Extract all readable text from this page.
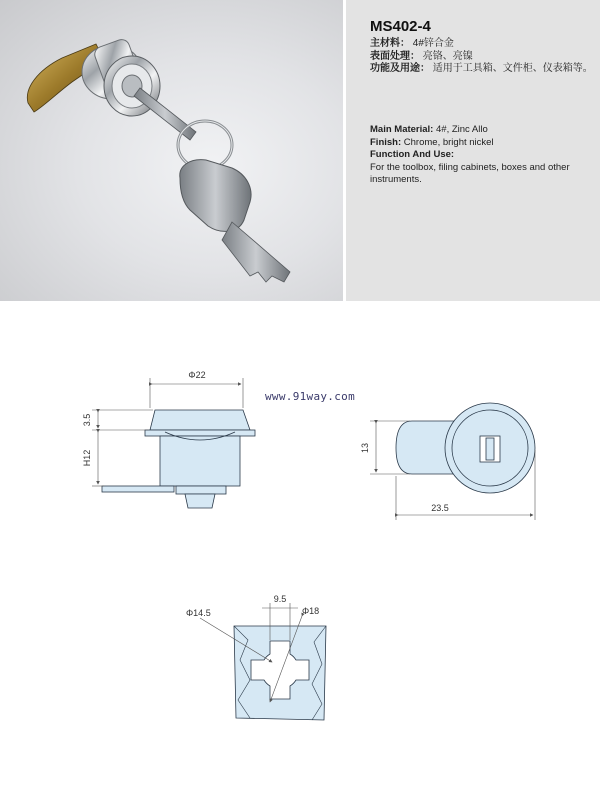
MS402-4
主材料： 4#锌合金
表面处理： 亮铬、亮镍
功能及用途： 适用于工具箱、文件柜、仪表箱等。
Main Material: 4#, Zinc Allo
Finish: Chrome, bright nickel
Function And Use:
For the toolbox, filing cabinets, boxes and other instruments.
www.91way.com
Φ22
3.5
H12
13
23.5
Φ14.5
9.5
Φ18
